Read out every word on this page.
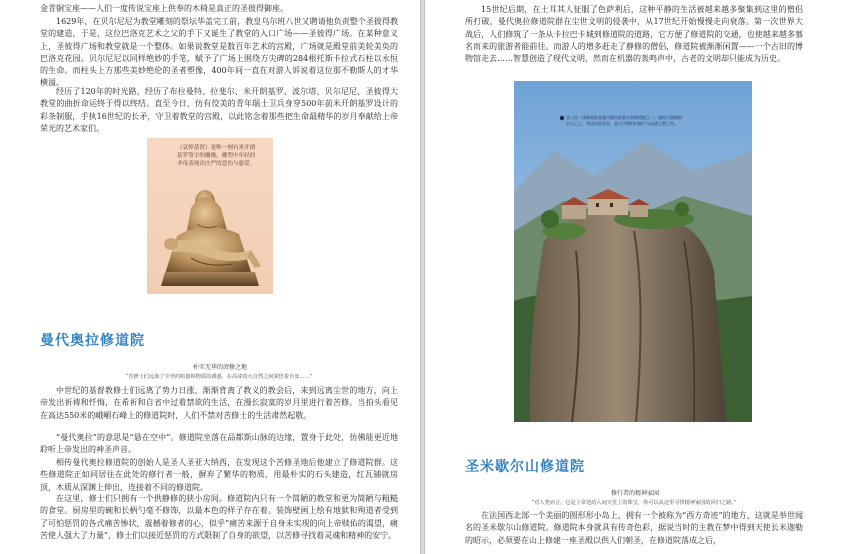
金青铜宝座——人们一度传说宝座上供奉的木椅是真正的圣彼得御座。

1629年，在贝尔尼尼为教堂雕刻的祭坛华盖完工前，教皇乌尔班八世又聘请他负责整个圣彼得教堂的建造，于是，这位巴洛克艺术之父的手下又诞生了教堂的入口广场——圣彼得广场。在某种意义上，圣彼得广场和教堂就是一个整体。如果说教堂是数百年艺术的宫殿，广场就是殿堂前美轮美奂的巴洛克花园。贝尔尼尼以同样绝妙的手笔，赋予了广场上围绕方尖碑的284根托斯卡拉式石柱以永恒的生命。而柱头上方那些美妙绝伦的圣者塑像，400年间一直在对游人诉说着这位那不勒斯人的才华横溢。

经历了120年的时光路，经历了布拉曼特、拉斐尔、米开朗基罗、波尔塔、贝尔尼尼，圣彼得大教堂的曲折命运终于得以终结。直至今日，仿有佼美的青年瑞士卫兵身穿500年前米开朗基罗设计的彩条制服，手执16世纪的长矛，守卫着教堂的宫殿，以此铭念着那些把生命最精华的岁月奉献给上帝荣光的艺术家们。

《哀悼基督》是唯一刻有米开朗基罗签字的雕像，雕塑中年轻的圣母表现出庄严的悲伤与慈爱。

曼代奥拉修道院

朴实无华的清修之地

“苦修士们远离了尘世的喧嚣和物质的诱惑，在高耸的大自然之间领悟着自身……”

中世纪的基督教修士们远离了势力日涨、渐渐背离了教义的教会后，来到远离尘世的地方，向上帝发出祈祷和忏悔，在希祈和自省中过着禁欲的生活，在漫长寂寞的岁月里进行着苦修。当拍头看见在高达550米的峨嵋石峰上的修道院时，人们不禁对苦修士的生活肃然起敬。

“曼代奥拉”的意思是“悬在空中”。修道院坐落在品都斯山脉的边缘，置身于此处，仿佛能更近地聆听上帝发出的神圣声音。

相传曼代奥拉修道院的创始人是圣人圣亚大纳西，在发现这个苦修圣地后他建立了修道院群。这些修道院正如同居住在此处的修行者一般，摒弃了繁华的物质，用最朴实的石头建造，红瓦铺就房顶，木质从深渊上伸出，连接着不同的修道院。

在这里，修士们只拥有一个供静修的狭小房间。修道院内只有一个简陋的教堂和更为简陋与粗糙的食堂。厨房里的碗和长柄勺毫不修饰，以最本色的样子存在着。装饰壁画上绘有地狱和殉道者受到了可怕惩罚的各式痛苦惨状，震撼着修者的心，似乎“痛苦来源于自身未实现的向上帝赎佑的渴望，痛苦使人强大了力量”，修士们以接近惩罚的方式限制了自身的欲望，以苦修寻找着灵魂和精神的安宁。

15世纪后期，在土耳其人征服了色萨利后，这种平静的生活被越来越多聚集到这里的僧侣所打破，曼代奥拉修道院群在尘世文明的侵袭中，从17世纪开始慢慢走向衰落。第一次世界大战后，人们修筑了一条从卡拉巴卡城到修道院的道路，它方便了修道院的交通，也使越来越多慕名而来的旅游者能前往。而游人的增多赶走了静修的僧侣，修道院被渐渐闲置——一个古旧的博物馆走去……智慧创造了现代文明，然而在机器的轰鸣声中，古老的文明却只能成为历史。

圣三位一体修道院是曼代奥拉最著名的修道院之一，建筑于陡峭的岩石之上，周边风景壮美，是古代僧侣们修行与远离尘嚣之所。

圣米歇尔山修道院

修行者的精神家园

“对人类而言，它是上帝送给人间天堂上的珠宝，你可以从这里寻找精神家园的回归之路。”

在法国西北部一个美丽的圆形形小岛上，拥有一个被称为“西方奇迹”的地方，这就是举世闻名的圣米歇尔山修道院。修道院本身就具有传奇色彩，据说当时的主教在梦中得到天使长米迦勒的昭示，必须要在山上修建一座圣殿以供人们朝圣，在修道院落成之后，
